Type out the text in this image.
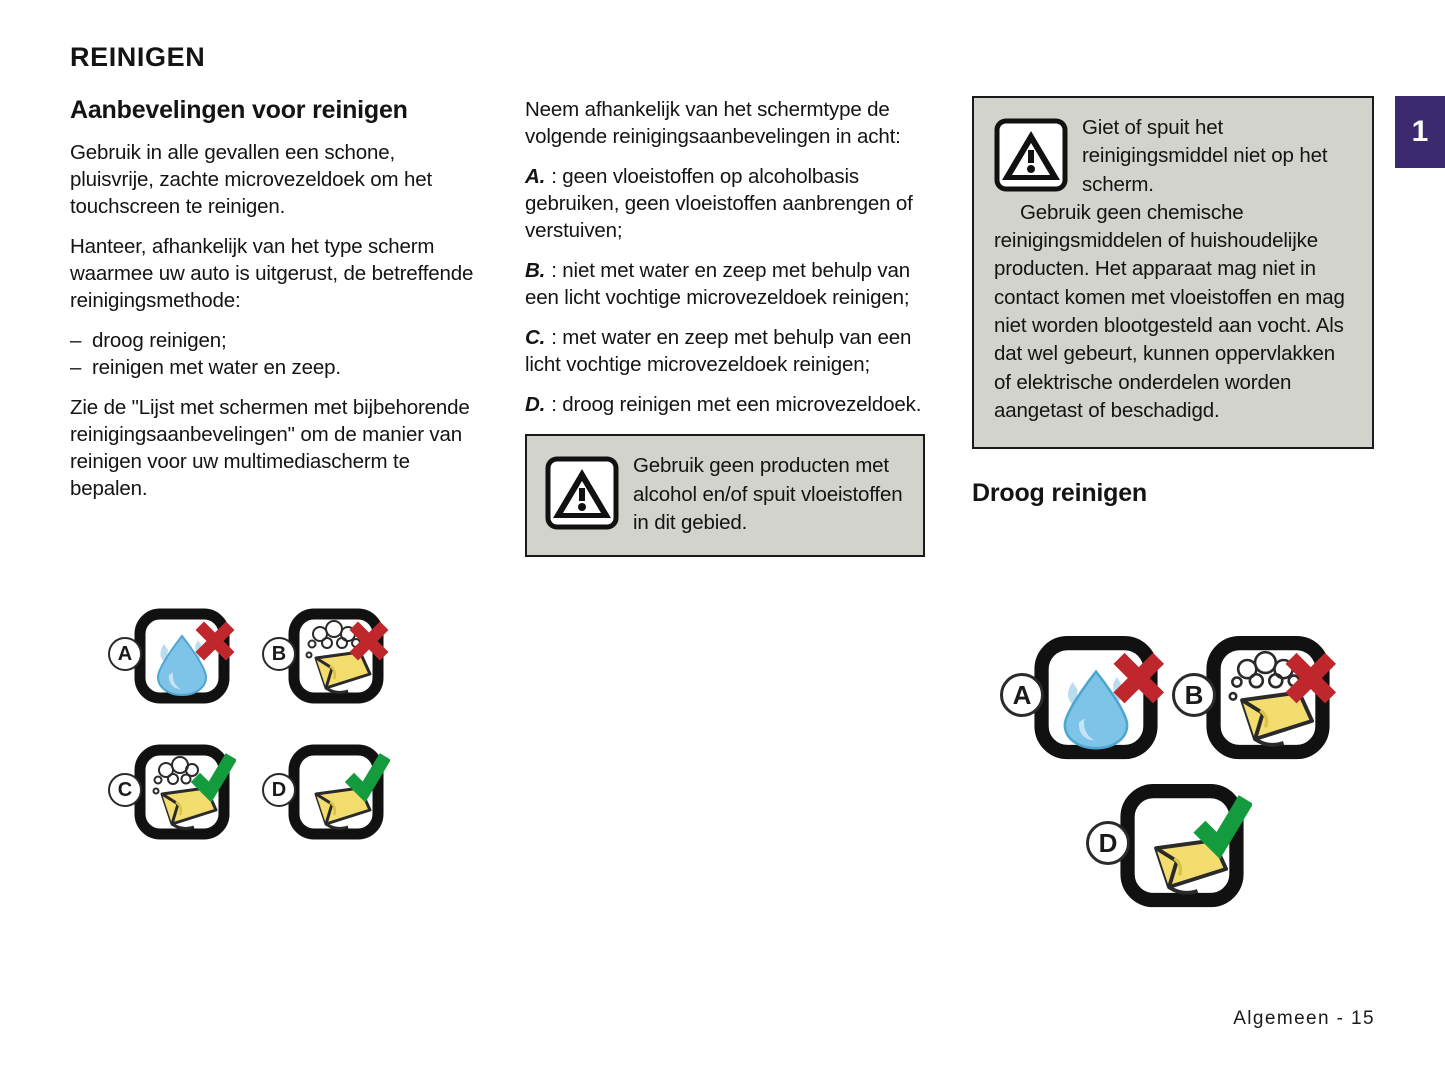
1
REINIGEN
Aanbevelingen voor reinigen

Gebruik in alle gevallen een schone, pluisvrije, zachte microvezeldoek om het touchscreen te reinigen.

Hanteer, afhankelijk van het type scherm waarmee uw auto is uitgerust, de betreffende reinigingsmethode:

– droog reinigen;
– reinigen met water en zeep.

Zie de "Lijst met schermen met bijbehorende reinigingsaanbevelingen" om de manier van reinigen voor uw multimediascherm te bepalen.

A	B
C	D

Neem afhankelijk van het schermtype de volgende reinigingsaanbevelingen in acht:

A. : geen vloeistoffen op alcoholbasis gebruiken, geen vloeistoffen aanbrengen of verstuiven;

B. : niet met water en zeep met behulp van een licht vochtige microvezeldoek reinigen;

C. : met water en zeep met behulp van een licht vochtige microvezeldoek reinigen;

D. : droog reinigen met een microvezeldoek.

Gebruik geen producten met alcohol en/of spuit vloeistoffen in dit gebied.

Giet of spuit het reinigingsmiddel niet op het scherm.

Gebruik geen chemische reinigingsmiddelen of huishoudelijke producten. Het apparaat mag niet in contact komen met vloeistoffen en mag niet worden blootgesteld aan vocht. Als dat wel gebeurt, kunnen oppervlakken of elektrische onderdelen worden aangetast of beschadigd.

Droog reinigen
A	B
D
Algemeen - 15
